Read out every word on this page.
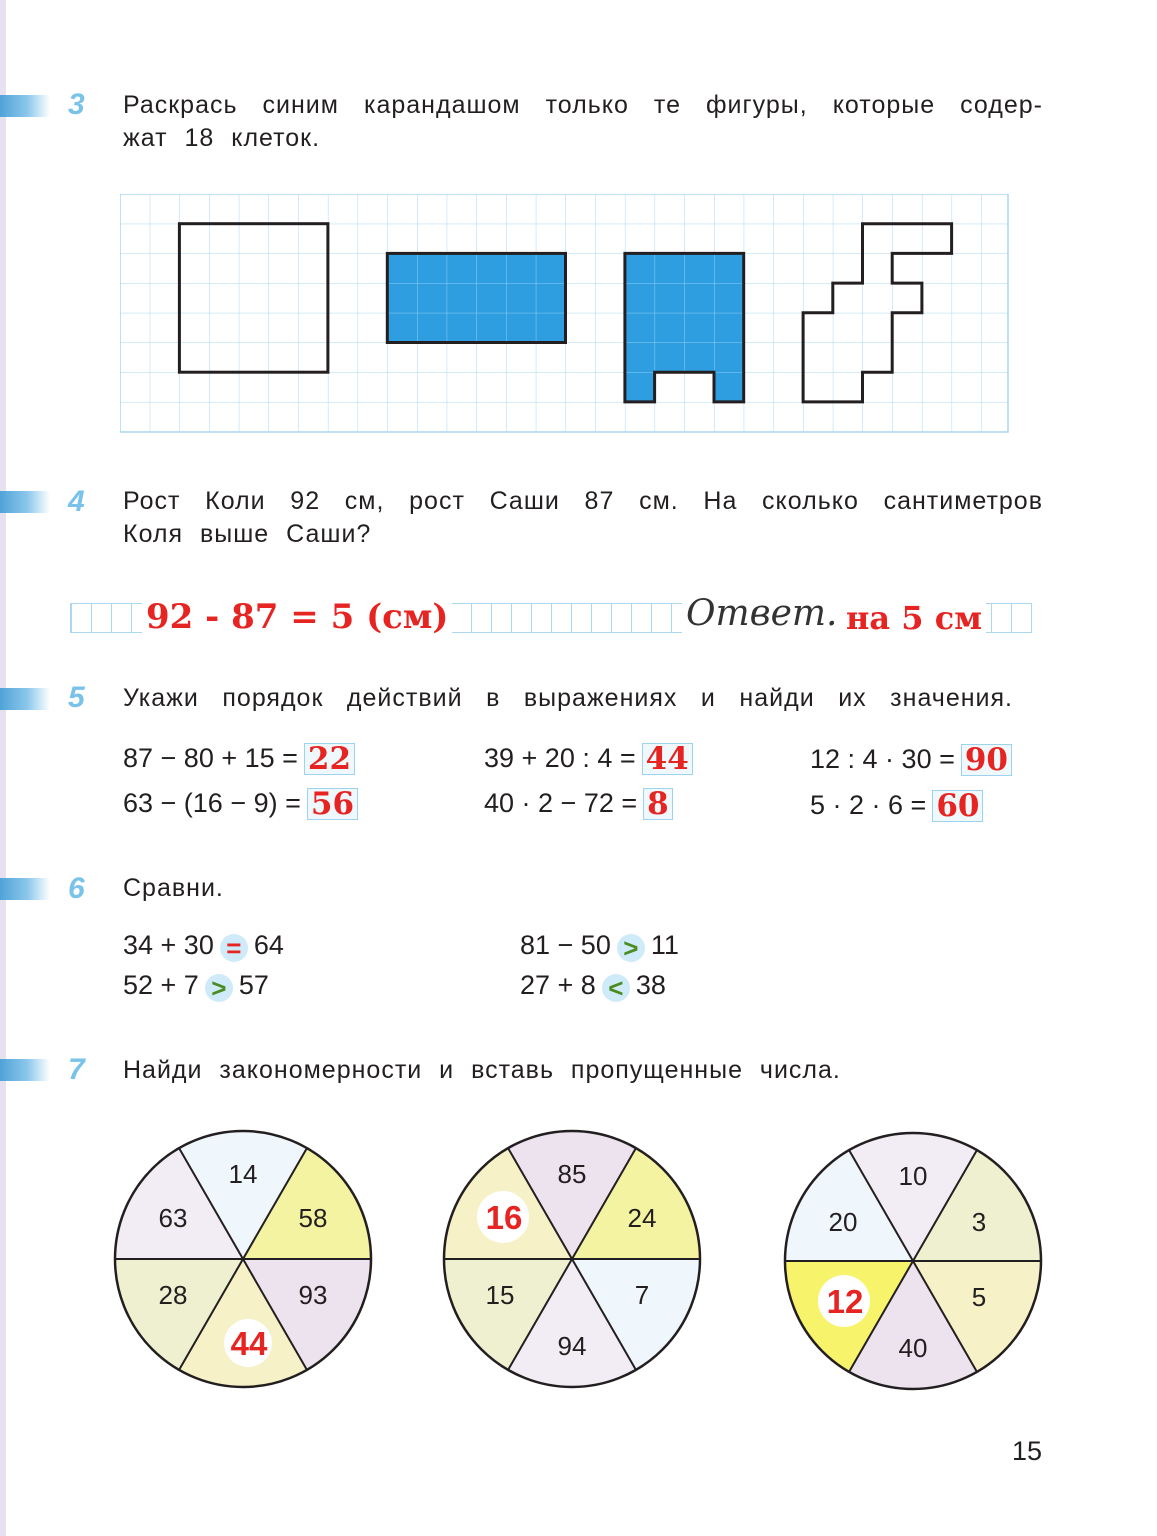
3 Раскрась синим карандашом только те фигуры, которые содер-
жат 18 клеток.
4 Рост Коли 92 см, рост Саши 87 см. На сколько сантиметров
Коля выше Саши?
92 - 87 = 5 (см)	Ответ. на 5 см
5 Укажи порядок действий в выражениях и найди их значения.
87 − 80 + 15 = 22
63 − (16 − 9) = 56
39 + 20 : 4 = 44
40 · 2 − 72 = 8
12 : 4 · 30 = 90
5 · 2 · 6 = 60
6 Сравни.
34 + 30 = 64
52 + 7 > 57
81 − 50 > 11
27 + 8 < 38
7 Найди закономерности и вставь пропущенные числа.
14
63	58
28	93
44
85
16	24
15	7
94
10
20	3
12	5
40
15
